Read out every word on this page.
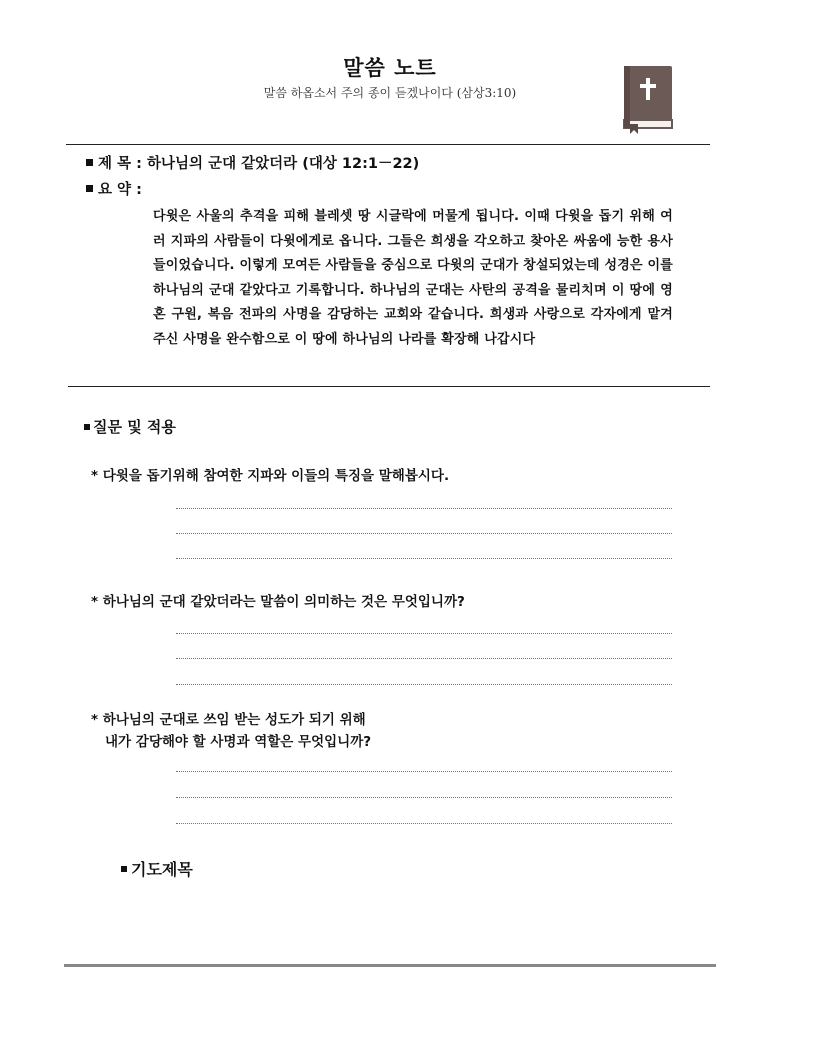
말씀 노트
말씀 하옵소서 주의 종이 듣겠나이다 (삼상3:10)
제 목 : 하나님의 군대 같았더라 (대상 12:1－22)
요 약 :
다윗은 사울의 추격을 피해 블레셋 땅 시글락에 머물게 됩니다. 이때 다윗을 돕기 위해 여러 지파의 사람들이 다윗에게로 옵니다. 그들은 희생을 각오하고 찾아온 싸움에 능한 용사들이었습니다. 이렇게 모여든 사람들을 중심으로 다윗의 군대가 창설되었는데 성경은 이를 하나님의 군대 같았다고 기록합니다. 하나님의 군대는 사탄의 공격을 물리치며 이 땅에 영혼 구원, 복음 전파의 사명을 감당하는 교회와 같습니다. 희생과 사랑으로 각자에게 맡겨주신 사명을 완수함으로 이 땅에 하나님의 나라를 확장해 나갑시다
질문 및 적용
* 다윗을 돕기위해 참여한 지파와 이들의 특징을 말해봅시다.
* 하나님의 군대 같았더라는 말씀이 의미하는 것은 무엇입니까?
* 하나님의 군대로 쓰임 받는 성도가 되기 위해
내가 감당해야 할 사명과 역할은 무엇입니까?
기도제목
